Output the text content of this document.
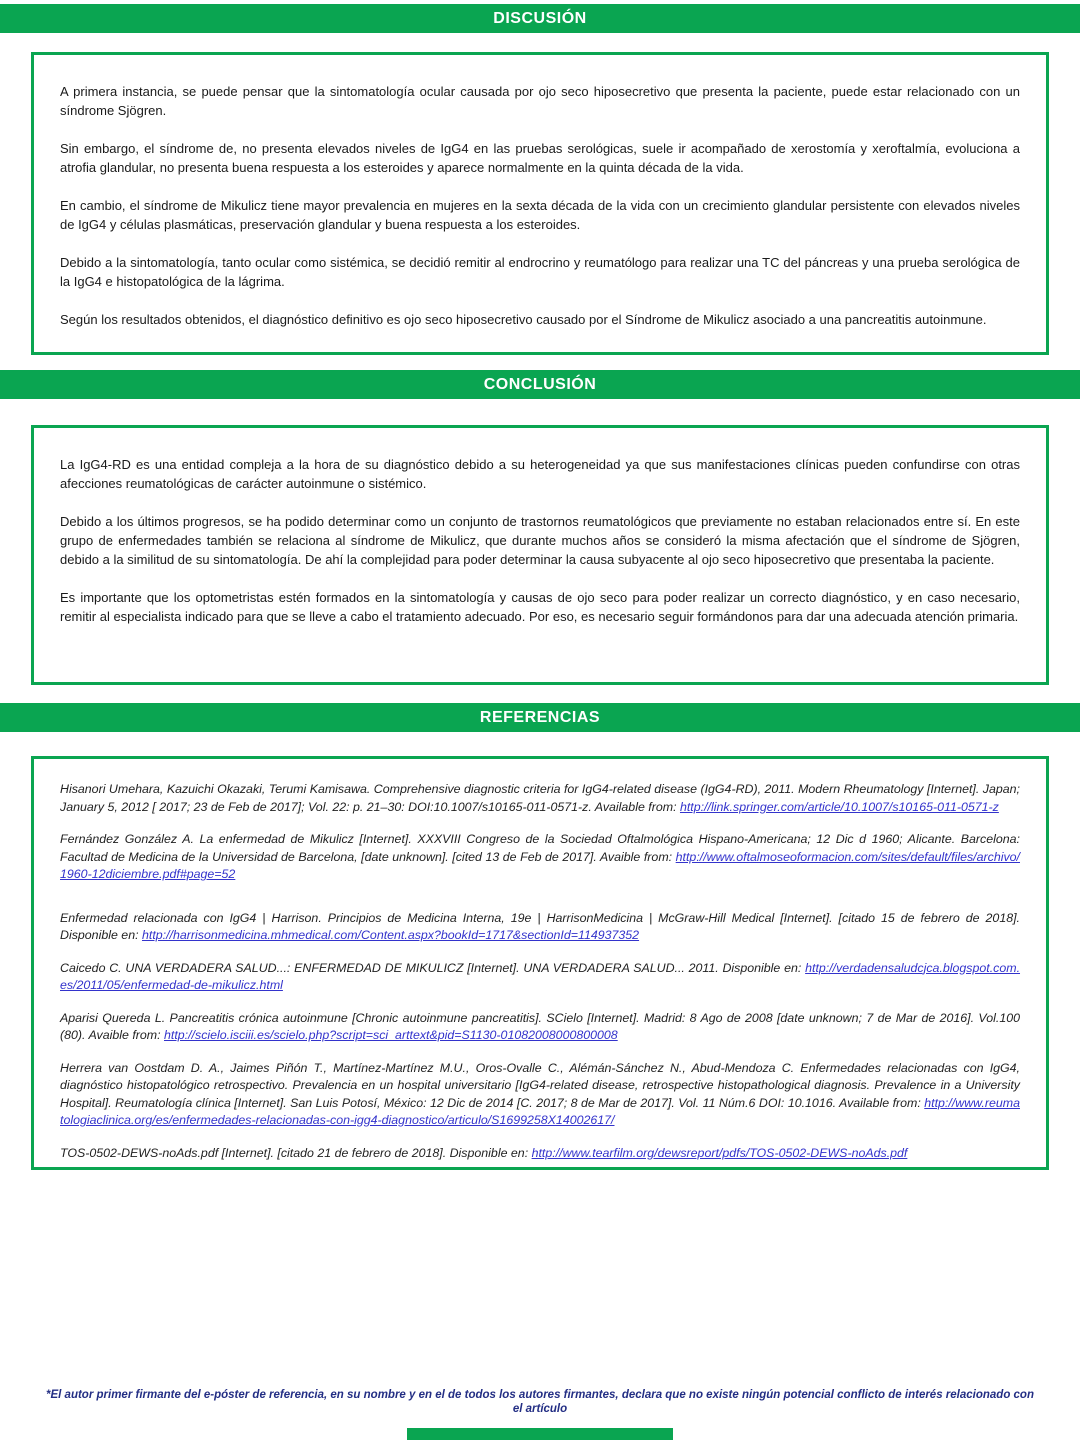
DISCUSIÓN

A primera instancia, se puede pensar que la sintomatología ocular causada por ojo seco hiposecretivo que presenta la paciente, puede estar relacionado con un síndrome Sjögren.

Sin embargo, el síndrome de, no presenta elevados niveles de IgG4 en las pruebas serológicas, suele ir acompañado de xerostomía y xeroftalmía, evoluciona a atrofia glandular, no presenta buena respuesta a los esteroides y aparece normalmente en la quinta década de la vida.

En cambio, el síndrome de Mikulicz tiene mayor prevalencia en mujeres en la sexta década de la vida con un crecimiento glandular persistente con elevados niveles de IgG4 y células plasmáticas, preservación glandular y buena respuesta a los esteroides.

Debido a la sintomatología, tanto ocular como sistémica, se decidió remitir al endrocrino y reumatólogo para realizar una TC del páncreas y una prueba serológica de la IgG4 e histopatológica de la lágrima.

Según los resultados obtenidos, el diagnóstico definitivo es ojo seco hiposecretivo causado por el Síndrome de Mikulicz asociado a una pancreatitis autoinmune.

CONCLUSIÓN

La IgG4-RD es una entidad compleja a la hora de su diagnóstico debido a su heterogeneidad ya que sus manifestaciones clínicas pueden confundirse con otras afecciones reumatológicas de carácter autoinmune o sistémico.

Debido a los últimos progresos, se ha podido determinar como un conjunto de trastornos reumatológicos que previamente no estaban relacionados entre sí. En este grupo de enfermedades también se relaciona al síndrome de Mikulicz, que durante muchos años se consideró la misma afectación que el síndrome de Sjögren, debido a la similitud de su sintomatología. De ahí la complejidad para poder determinar la causa subyacente al ojo seco hiposecretivo que presentaba la paciente.

Es importante que los optometristas estén formados en la sintomatología y causas de ojo seco para poder realizar un correcto diagnóstico, y en caso necesario, remitir al especialista indicado para que se lleve a cabo el tratamiento adecuado. Por eso, es necesario seguir formándonos para dar una adecuada atención primaria.

REFERENCIAS

Hisanori Umehara, Kazuichi Okazaki, Terumi Kamisawa. Comprehensive diagnostic criteria for IgG4-related disease (IgG4-RD), 2011. Modern Rheumatology [Internet]. Japan; January 5, 2012 [ 2017; 23 de Feb de 2017]; Vol. 22: p. 21–30: DOI:10.1007/s10165-011-0571-z. Available from: http://link.springer.com/article/10.1007/s10165-011-0571-z

Fernández González A. La enfermedad de Mikulicz [Internet]. XXXVIII Congreso de la Sociedad Oftalmológica Hispano-Americana; 12 Dic d 1960; Alicante. Barcelona: Facultad de Medicina de la Universidad de Barcelona, [date unknown]. [cited 13 de Feb de 2017]. Avaible from: http://www.oftalmoseoformacion.com/sites/default/files/archivo/1960-12diciembre.pdf#page=52

Enfermedad relacionada con IgG4 | Harrison. Principios de Medicina Interna, 19e | HarrisonMedicina | McGraw-Hill Medical [Internet]. [citado 15 de febrero de 2018]. Disponible en: http://harrisonmedicina.mhmedical.com/Content.aspx?bookId=1717&sectionId=114937352

Caicedo C. UNA VERDADERA SALUD...: ENFERMEDAD DE MIKULICZ [Internet]. UNA VERDADERA SALUD... 2011. Disponible en: http://verdadensaludcjca.blogspot.com.es/2011/05/enfermedad-de-mikulicz.html

Aparisi Quereda L. Pancreatitis crónica autoinmune [Chronic autoinmune pancreatitis]. SCielo [Internet]. Madrid: 8 Ago de 2008 [date unknown; 7 de Mar de 2016]. Vol.100 (80). Avaible from: http://scielo.isciii.es/scielo.php?script=sci_arttext&pid=S1130-01082008000800008

Herrera van Oostdam D. A., Jaimes Piñón T., Martínez-Martínez M.U., Oros-Ovalle C., Alémán-Sánchez N., Abud-Mendoza C. Enfermedades relacionadas con IgG4, diagnóstico histopatológico retrospectivo. Prevalencia en un hospital universitario [IgG4-related disease, retrospective histopathological diagnosis. Prevalence in a University Hospital]. Reumatología clínica [Internet]. San Luis Potosí, México: 12 Dic de 2014 [C. 2017; 8 de Mar de 2017]. Vol. 11 Núm.6 DOI: 10.1016. Available from: http://www.reumatologiaclinica.org/es/enfermedades-relacionadas-con-igg4-diagnostico/articulo/S1699258X14002617/

TOS-0502-DEWS-noAds.pdf [Internet]. [citado 21 de febrero de 2018]. Disponible en: http://www.tearfilm.org/dewsreport/pdfs/TOS-0502-DEWS-noAds.pdf

*El autor primer firmante del e-póster de referencia, en su nombre y en el de todos los autores firmantes, declara que no existe ningún potencial conflicto de interés relacionado con el artículo
